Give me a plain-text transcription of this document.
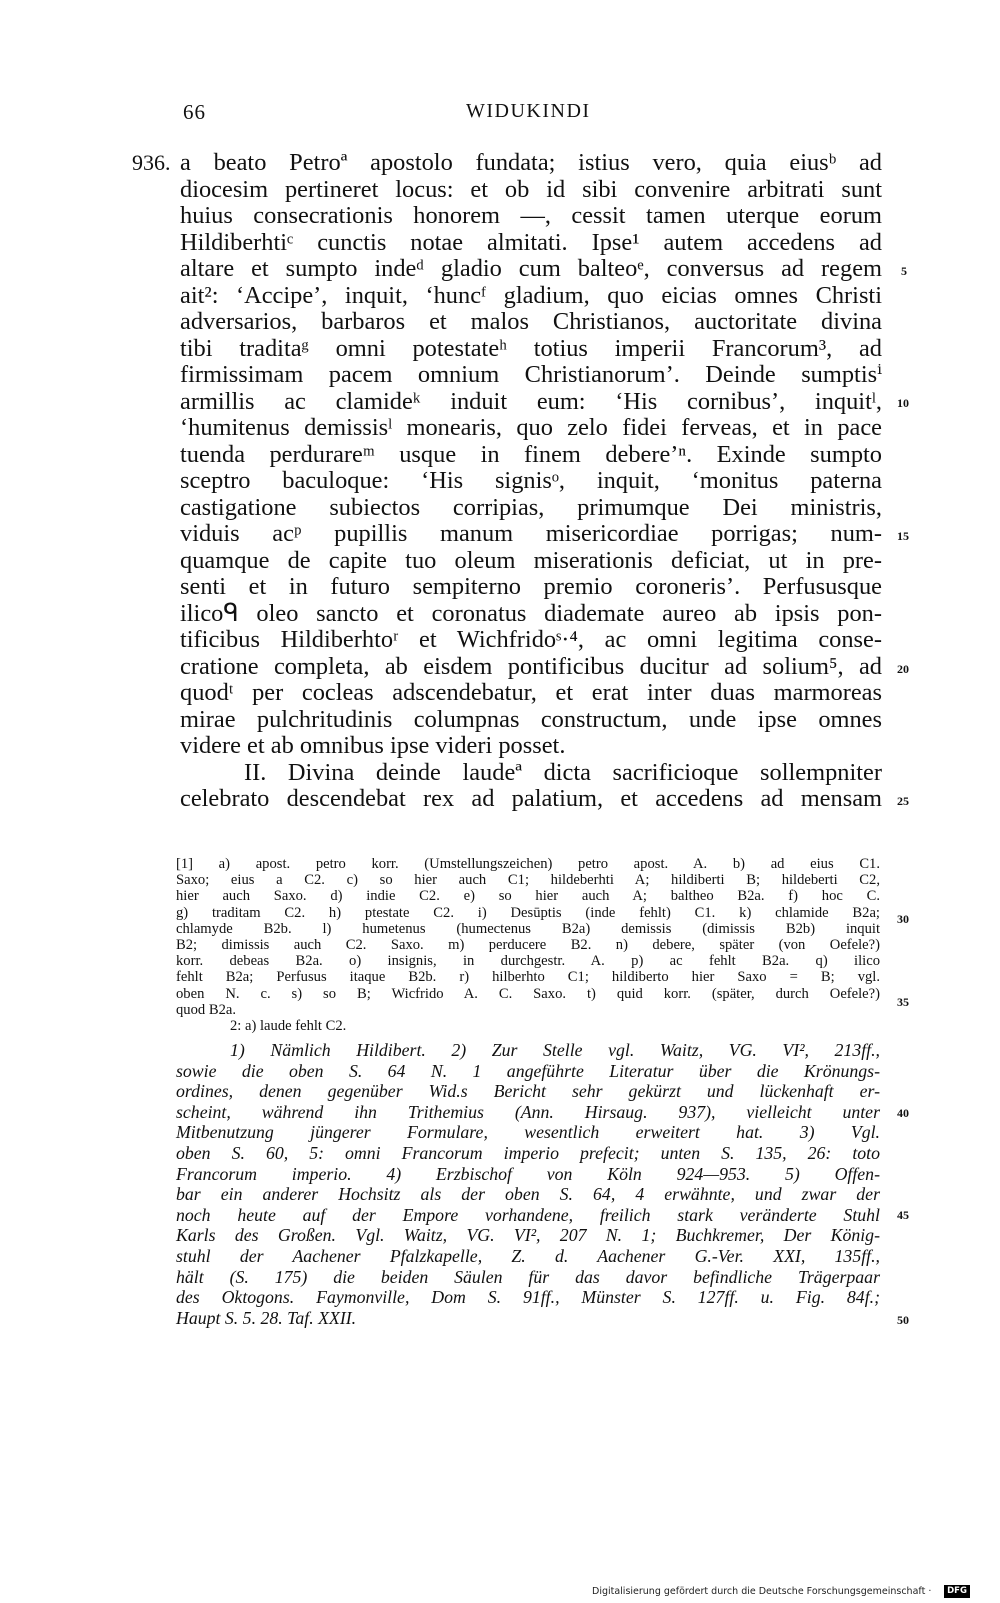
66	WIDUKINDI
936. a beato Petroª apostolo fundata; istius vero, quia eiusᵇ ad
diocesim pertineret locus: et ob id sibi convenire arbitrati sunt
huius consecrationis honorem —, cessit tamen uterque eorum
Hildiberhtiᶜ cunctis notae almitati. Ipse¹ autem accedens ad
altare et sumpto indeᵈ gladio cum balteoᵉ, conversus ad regem
ait²: ‘Accipe’, inquit, ‘huncᶠ gladium, quo eicias omnes Christi
adversarios, barbaros et malos Christianos, auctoritate divina
tibi traditaᵍ omni potestateʰ totius imperii Francorum³, ad
firmissimam pacem omnium Christianorum’. Deinde sumptisⁱ
armillis ac clamideᵏ induit eum: ‘His cornibus’, inquitˡ,
‘humitenus demissisˡ monearis, quo zelo fidei ferveas, et in pace
tuenda perdurareᵐ usque in finem debere’ⁿ. Exinde sumpto
sceptro baculoque: ‘His signisᵒ, inquit, ‘monitus paterna
castigatione subiectos corripias, primumque Dei ministris,
viduis acᵖ pupillis manum misericordiae porrigas; num-
quamque de capite tuo oleum miserationis deficiat, ut in pre-
senti et in futuro sempiterno premio coroneris’. Perfususque
ilicoᑫ oleo sancto et coronatus diademate aureo ab ipsis pon-
tificibus Hildiberhtoʳ et Wichfridoˢ·⁴, ac omni legitima conse-
cratione completa, ab eisdem pontificibus ducitur ad solium⁵, ad
quodᵗ per cocleas adscendebatur, et erat inter duas marmoreas
mirae pulchritudinis columpnas constructum, unde ipse omnes
videre et ab omnibus ipse videri posset.
II. Divina deinde laudeª dicta sacrificioque sollempniter
celebrato descendebat rex ad palatium, et accedens ad mensam
[1] a) apost. petro korr. (Umstellungszeichen) petro apost. A. b) ad eius C1.
Saxo; eius a C2. c) so hier auch C1; hildeberhti A; hildiberti B; hildeberti C2,
hier auch Saxo. d) indie C2. e) so hier auch A; baltheo B2a. f) hoc C.
g) traditam C2. h) ptestate C2. i) Desūptis (inde fehlt) C1. k) chlamide B2a;
chlamyde B2b. l) humetenus (humectenus B2a) demissis (dimissis B2b) inquit
B2; dimissis auch C2. Saxo. m) perducere B2. n) debere, später (von Oefele?)
korr. debeas B2a. o) insignis, in durchgestr. A. p) ac fehlt B2a. q) ilico
fehlt B2a; Perfusus itaque B2b. r) hilberhto C1; hildiberto hier Saxo = B; vgl.
oben N. c. s) so B; Wicfrido A. C. Saxo. t) quid korr. (später, durch Oefele?)
quod B2a.
2: a) laude fehlt C2.
1) Nämlich Hildibert. 2) Zur Stelle vgl. Waitz, VG. VI², 213ff.,
sowie die oben S. 64 N. 1 angeführte Literatur über die Krönungs-
ordines, denen gegenüber Wid.s Bericht sehr gekürzt und lückenhaft er-
scheint, während ihn Trithemius (Ann. Hirsaug. 937), vielleicht unter
Mitbenutzung jüngerer Formulare, wesentlich erweitert hat. 3) Vgl.
oben S. 60, 5: omni Francorum imperio prefecit; unten S. 135, 26: toto
Francorum imperio. 4) Erzbischof von Köln 924—953. 5) Offen-
bar ein anderer Hochsitz als der oben S. 64, 4 erwähnte, und zwar der
noch heute auf der Empore vorhandene, freilich stark veränderte Stuhl
Karls des Großen. Vgl. Waitz, VG. VI², 207 N. 1; Buchkremer, Der König-
stuhl der Aachener Pfalzkapelle, Z. d. Aachener G.-Ver. XXI, 135ff.,
hält (S. 175) die beiden Säulen für das davor befindliche Trägerpaar
des Oktogons. Faymonville, Dom S. 91ff., Münster S. 127ff. u. Fig. 84f.;
Haupt S. 5. 28. Taf. XXII.
5
10
15
20
25
30
35
40
45
50
Digitalisierung gefördert durch die Deutsche Forschungsgemeinschaft ·	DFG
